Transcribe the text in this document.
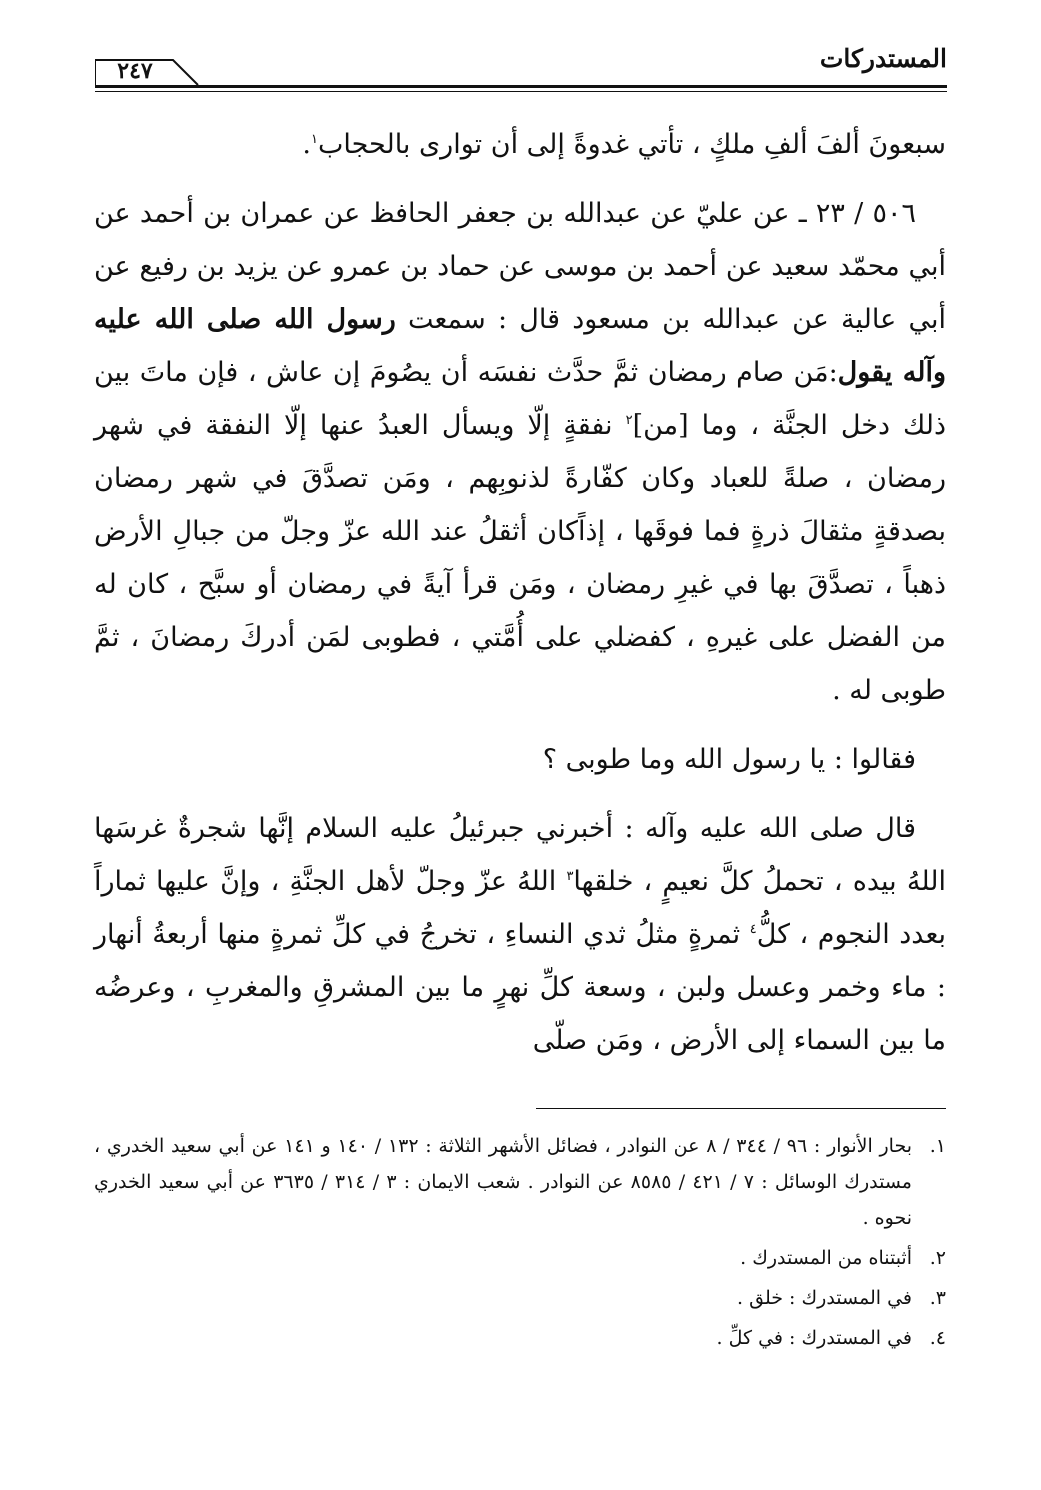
المستدركات
٢٤٧

سبعونَ ألفَ ألفِ ملكٍ ، تأتي غدوةً إلى أن توارى بالحجاب$^١$.

٥٠٦ / ٢٣ ـ عن عليّ عن عبدالله بن جعفر الحافظ عن عمران بن أحمد عن أبي محمّد سعيد عن أحمد بن موسى عن حماد بن عمرو عن يزيد بن رفيع عن أبي عالية عن عبدالله بن مسعود قال : سمعت رسول الله صلى الله عليه وآله يقول:مَن صام رمضان ثمَّ حدَّث نفسَه أن يصُومَ إن عاش ، فإن ماتَ بين ذلك دخل الجنَّة ، وما [من]$^٢$ نفقةٍ إلّا ويسأل العبدُ عنها إلّا النفقة في شهر رمضان ، صلةً للعباد وكان كفّارةً لذنوبِهم ، ومَن تصدَّقَ في شهر رمضان بصدقةٍ مثقالَ ذرةٍ فما فوقَها ، إذاًكان أثقلُ عند الله عزّ وجلّ من جبالِ الأرض ذهباً ، تصدَّقَ بها في غيرِ رمضان ، ومَن قرأ آيةً في رمضان أو سبَّح ، كان له من الفضل على غيرهِ ، كفضلي على أُمَّتي ، فطوبى لمَن أدركَ رمضانَ ، ثمَّ طوبى له .

فقالوا : يا رسول الله وما طوبى ؟

قال صلى الله عليه وآله : أخبرني جبرئيلُ عليه السلام إنَّها شجرةٌ غرسَها اللهُ بيده ، تحملُ كلَّ نعيمٍ ، خلقها$^٣$ اللهُ عزّ وجلّ لأهل الجنَّةِ ، وإنَّ عليها ثماراً بعدد النجوم ، كلُّ$^٤$ ثمرةٍ مثلُ ثدي النساءِ ، تخرجُ في كلِّ ثمرةٍ منها أربعةُ أنهار : ماء وخمر وعسل ولبن ، وسعة كلِّ نهرٍ ما بين المشرقِ والمغربِ ، وعرضُه ما بين السماء إلى الأرض ، ومَن صلّى

١.
بحار الأنوار : ٩٦ / ٣٤٤ / ٨ عن النوادر ، فضائل الأشهر الثلاثة : ١٣٢ / ١٤٠ و ١٤١ عن أبي سعيد الخدري ، مستدرك الوسائل : ٧ / ٤٢١ / ٨٥٨٥ عن النوادر . شعب الايمان : ٣ / ٣١٤ / ٣٦٣٥ عن أبي سعيد الخدري نحوه .

٢.
أثبتناه من المستدرك .

٣.
في المستدرك : خلق .

٤.
في المستدرك : في كلِّ .
